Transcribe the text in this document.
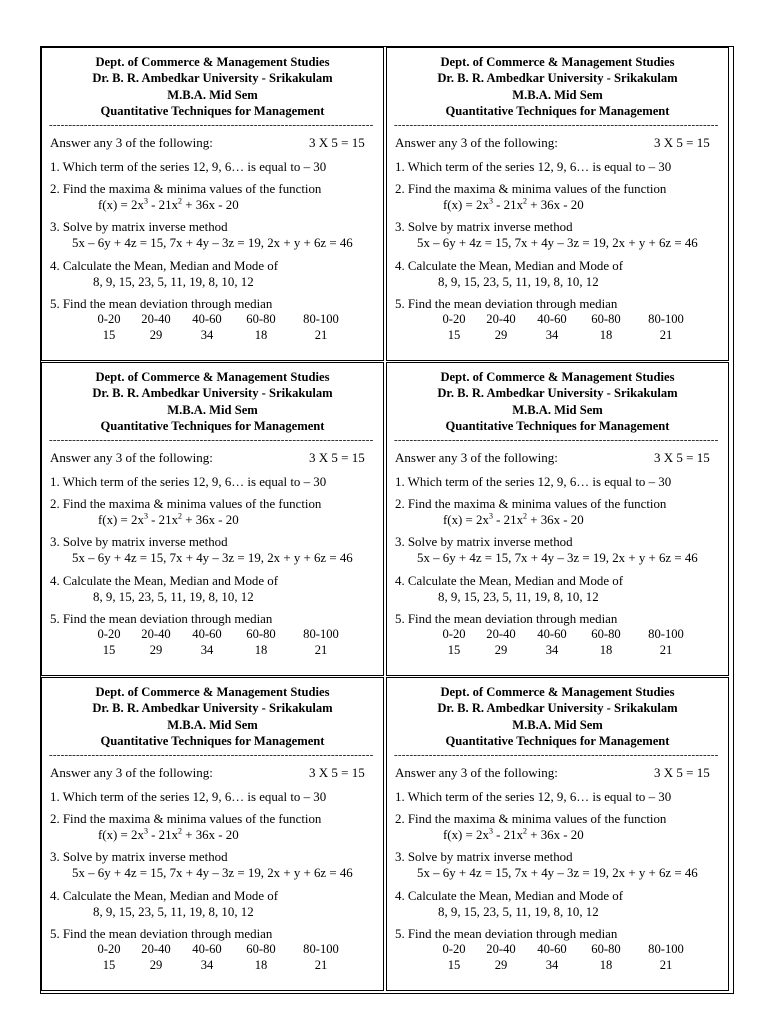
Dept. of Commerce & Management Studies
Dr. B. R. Ambedkar University - Srikakulam
M.B.A. Mid Sem
Quantitative Techniques for Management
------------------------------------------------------------------------------------
Answer any 3 of the following:	3 X 5 = 15
1. Which term of the series 12, 9, 6… is equal to – 30
2. Find the maxima & minima values of the function
$f(x) = 2x^3 - 21x^2 + 36x - 20$
3. Solve by matrix inverse method
5x – 6y + 4z = 15, 7x + 4y – 3z = 19, 2x + y + 6z = 46
4. Calculate the Mean, Median and Mode of
8, 9, 15, 23, 5, 11, 19, 8, 10, 12
5. Find the mean deviation through median
0-20	20-40	40-60	60-80	80-100
15	29	34	18	21
Dept. of Commerce & Management Studies
Dr. B. R. Ambedkar University - Srikakulam
M.B.A. Mid Sem
Quantitative Techniques for Management
------------------------------------------------------------------------------------
Answer any 3 of the following:	3 X 5 = 15
1. Which term of the series 12, 9, 6… is equal to – 30
2. Find the maxima & minima values of the function
$f(x) = 2x^3 - 21x^2 + 36x - 20$
3. Solve by matrix inverse method
5x – 6y + 4z = 15, 7x + 4y – 3z = 19, 2x + y + 6z = 46
4. Calculate the Mean, Median and Mode of
8, 9, 15, 23, 5, 11, 19, 8, 10, 12
5. Find the mean deviation through median
0-20	20-40	40-60	60-80	80-100
15	29	34	18	21
Dept. of Commerce & Management Studies
Dr. B. R. Ambedkar University - Srikakulam
M.B.A. Mid Sem
Quantitative Techniques for Management
------------------------------------------------------------------------------------
Answer any 3 of the following:	3 X 5 = 15
1. Which term of the series 12, 9, 6… is equal to – 30
2. Find the maxima & minima values of the function
$f(x) = 2x^3 - 21x^2 + 36x - 20$
3. Solve by matrix inverse method
5x – 6y + 4z = 15, 7x + 4y – 3z = 19, 2x + y + 6z = 46
4. Calculate the Mean, Median and Mode of
8, 9, 15, 23, 5, 11, 19, 8, 10, 12
5. Find the mean deviation through median
0-20	20-40	40-60	60-80	80-100
15	29	34	18	21
Dept. of Commerce & Management Studies
Dr. B. R. Ambedkar University - Srikakulam
M.B.A. Mid Sem
Quantitative Techniques for Management
------------------------------------------------------------------------------------
Answer any 3 of the following:	3 X 5 = 15
1. Which term of the series 12, 9, 6… is equal to – 30
2. Find the maxima & minima values of the function
$f(x) = 2x^3 - 21x^2 + 36x - 20$
3. Solve by matrix inverse method
5x – 6y + 4z = 15, 7x + 4y – 3z = 19, 2x + y + 6z = 46
4. Calculate the Mean, Median and Mode of
8, 9, 15, 23, 5, 11, 19, 8, 10, 12
5. Find the mean deviation through median
0-20	20-40	40-60	60-80	80-100
15	29	34	18	21
Dept. of Commerce & Management Studies
Dr. B. R. Ambedkar University - Srikakulam
M.B.A. Mid Sem
Quantitative Techniques for Management
------------------------------------------------------------------------------------
Answer any 3 of the following:	3 X 5 = 15
1. Which term of the series 12, 9, 6… is equal to – 30
2. Find the maxima & minima values of the function
$f(x) = 2x^3 - 21x^2 + 36x - 20$
3. Solve by matrix inverse method
5x – 6y + 4z = 15, 7x + 4y – 3z = 19, 2x + y + 6z = 46
4. Calculate the Mean, Median and Mode of
8, 9, 15, 23, 5, 11, 19, 8, 10, 12
5. Find the mean deviation through median
0-20	20-40	40-60	60-80	80-100
15	29	34	18	21
Dept. of Commerce & Management Studies
Dr. B. R. Ambedkar University - Srikakulam
M.B.A. Mid Sem
Quantitative Techniques for Management
------------------------------------------------------------------------------------
Answer any 3 of the following:	3 X 5 = 15
1. Which term of the series 12, 9, 6… is equal to – 30
2. Find the maxima & minima values of the function
$f(x) = 2x^3 - 21x^2 + 36x - 20$
3. Solve by matrix inverse method
5x – 6y + 4z = 15, 7x + 4y – 3z = 19, 2x + y + 6z = 46
4. Calculate the Mean, Median and Mode of
8, 9, 15, 23, 5, 11, 19, 8, 10, 12
5. Find the mean deviation through median
0-20	20-40	40-60	60-80	80-100
15	29	34	18	21
